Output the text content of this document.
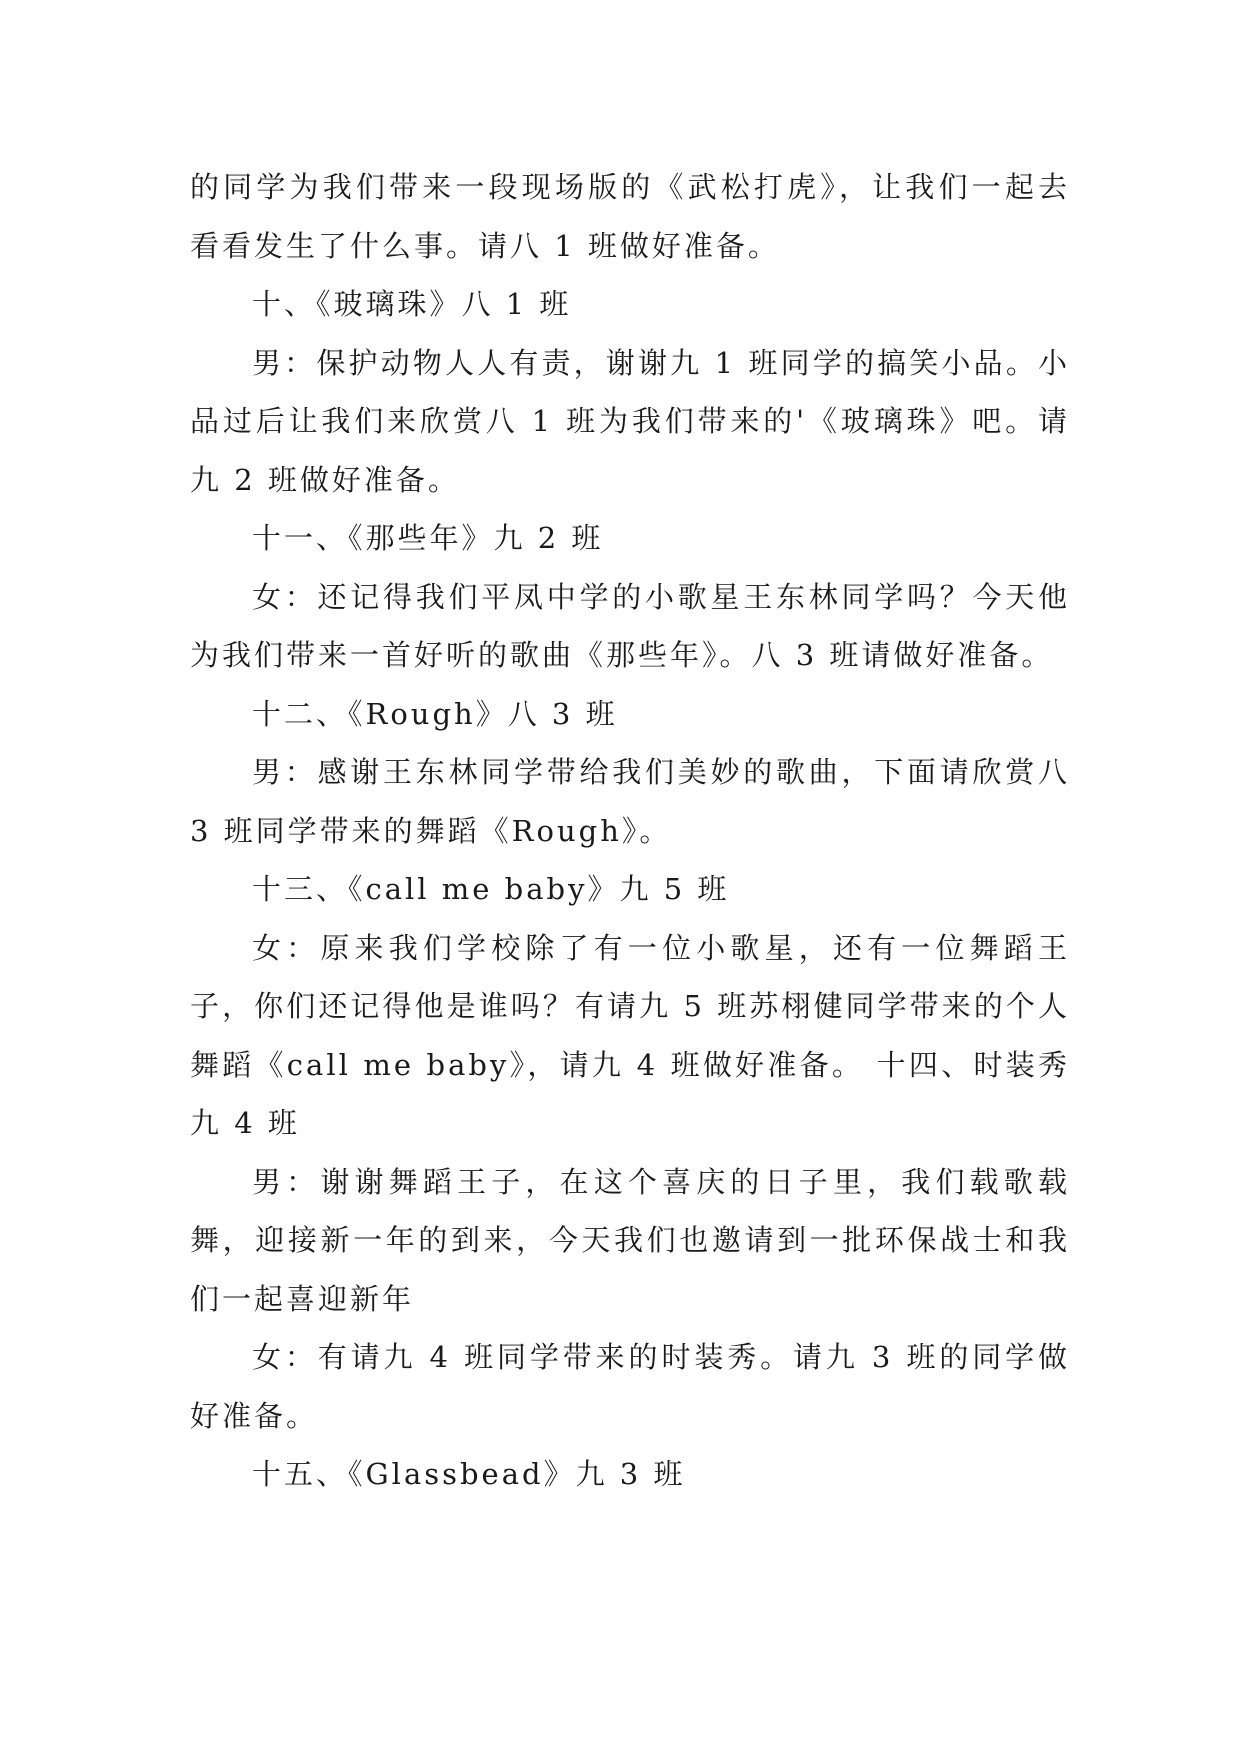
的同学为我们带来一段现场版的《武松打虎》，让我们一起去看看发生了什么事。请八 1 班做好准备。

十、《玻璃珠》八 1 班

男：保护动物人人有责，谢谢九 1 班同学的搞笑小品。小品过后让我们来欣赏八 1 班为我们带来的'《玻璃珠》吧。请九 2 班做好准备。

十一、《那些年》九 2 班

女：还记得我们平凤中学的小歌星王东林同学吗？今天他为我们带来一首好听的歌曲《那些年》。八 3 班请做好准备。

十二、《Rough》八 3 班

男：感谢王东林同学带给我们美妙的歌曲，下面请欣赏八 3 班同学带来的舞蹈《Rough》。

十三、《call me baby》九 5 班

女：原来我们学校除了有一位小歌星，还有一位舞蹈王子，你们还记得他是谁吗？有请九 5 班苏栩健同学带来的个人舞蹈《call me baby》，请九 4 班做好准备。 十四、时装秀九 4 班

男：谢谢舞蹈王子，在这个喜庆的日子里，我们载歌载舞，迎接新一年的到来，今天我们也邀请到一批环保战士和我们一起喜迎新年

女：有请九 4 班同学带来的时装秀。请九 3 班的同学做好准备。

十五、《Glassbead》九 3 班
